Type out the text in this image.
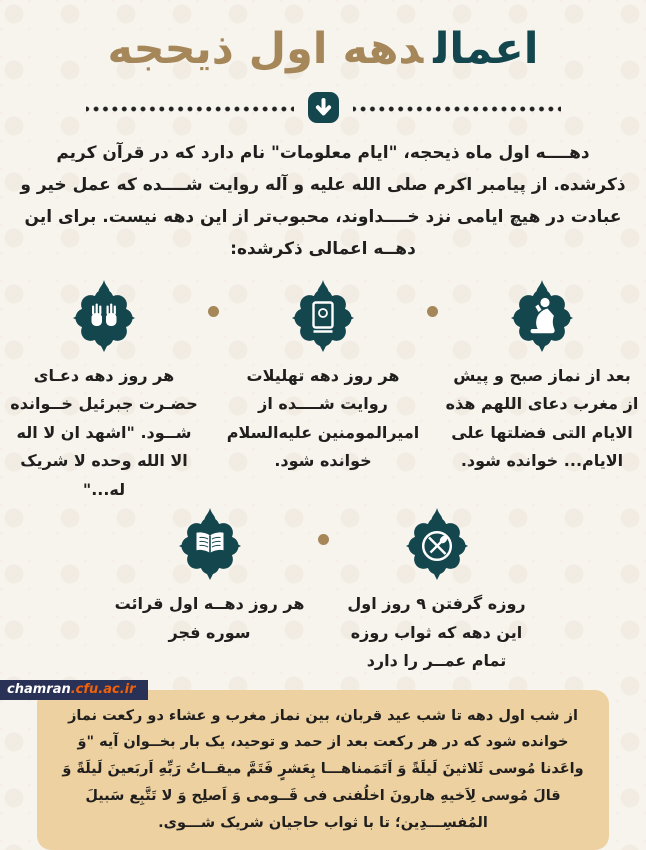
اعمالدهه اول ذیحجه

دهــــه اول ماه ذیحجه، "ایام معلومات" نام دارد که در قرآن کریم ذکرشده. از پیامبر اکرم صلی الله علیه و آله روایت شــــده که عمل خیر و عبادت در هیچ ایامی نزد خــــداوند، محبوب‌تر از این دهه نیست. برای این دهــه اعمالی ذکرشده:

بعد از نماز صبح و پیش از مغرب دعای اللهم هذه الایام التی فضلتها علی الایام... خوانده شود.

هر روز دهه تهلیلات روایت شــــده از امیرالمومنین علیه‌السلام خوانده شود.

هر روز دهه دعـای حضـرت جبرئیل خــوانده شــود. "اشهد ان لا اله الا الله وحده لا شریک له..."

روزه گرفتن ۹ روز اول این دهه که ثواب روزه تمام عمــر را دارد

هر روز دهــه اول قرائت سوره فجر

از شب اول دهه تا شب عید قربان، بین نماز مغرب و عشاء دو رکعت نماز خوانده شود که در هر رکعت بعد از حمد و توحید، یک بار بخــوان آیه "وَ واعَدنا مُوسی ثَلاثینَ لَیلَةً وَ اَتَمَمناهـــا بِعَشرٍ فَتَمَّ میقــاتُ رَبِّهِ اَربَعینَ لَیلَةً وَ قالَ مُوسی لِاَخیهِ هارونَ اخلُفنی فی قَــومی وَ اَصلِح وَ لا تَتَّبِع سَبیلَ المُفسِـــدِین؛ تا با ثواب حاجیان شریک شـــوی.
chamran.cfu.ac.ir
